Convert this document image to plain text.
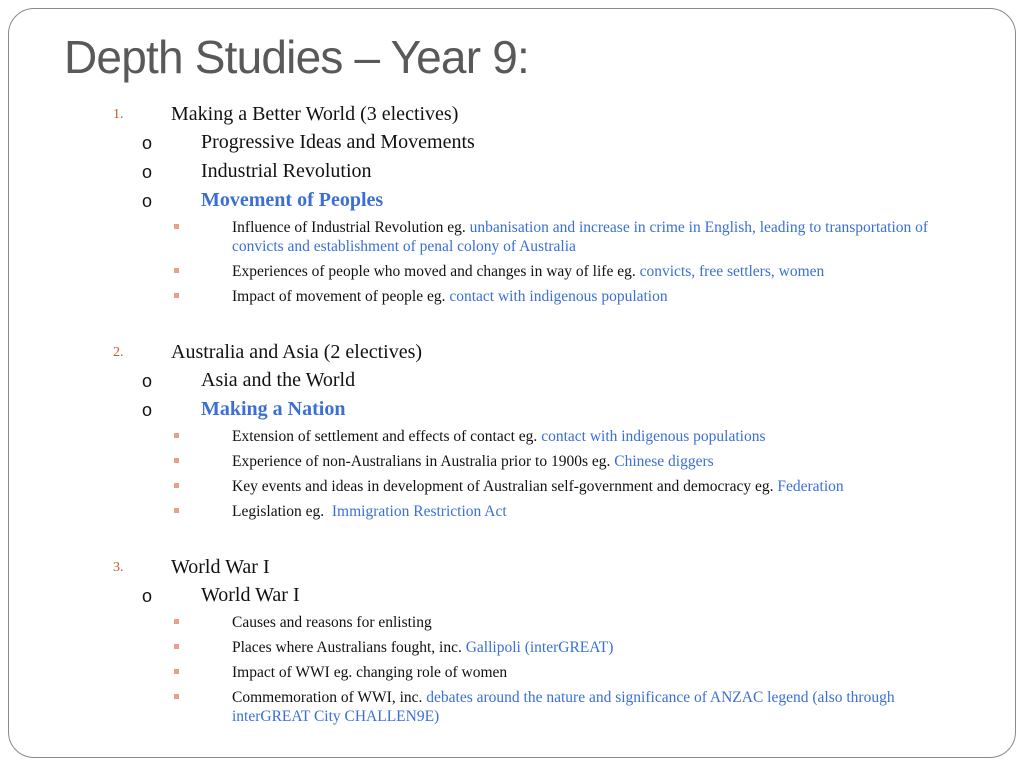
Depth Studies – Year 9:
1. Making a Better World (3 electives)
o Progressive Ideas and Movements
o Industrial Revolution
o Movement of Peoples
Influence of Industrial Revolution eg. unbanisation and increase in crime in English, leading to transportation of convicts and establishment of penal colony of Australia
Experiences of people who moved and changes in way of life eg. convicts, free settlers, women
Impact of movement of people eg. contact with indigenous population
2. Australia and Asia (2 electives)
o Asia and the World
o Making a Nation
Extension of settlement and effects of contact eg. contact with indigenous populations
Experience of non-Australians in Australia prior to 1900s eg. Chinese diggers
Key events and ideas in development of Australian self-government and democracy eg. Federation
Legislation eg.  Immigration Restriction Act
3. World War I
o World War I
Causes and reasons for enlisting
Places where Australians fought, inc. Gallipoli (interGREAT)
Impact of WWI eg. changing role of women
Commemoration of WWI, inc. debates around the nature and significance of ANZAC legend (also through interGREAT City CHALLEN9E)
